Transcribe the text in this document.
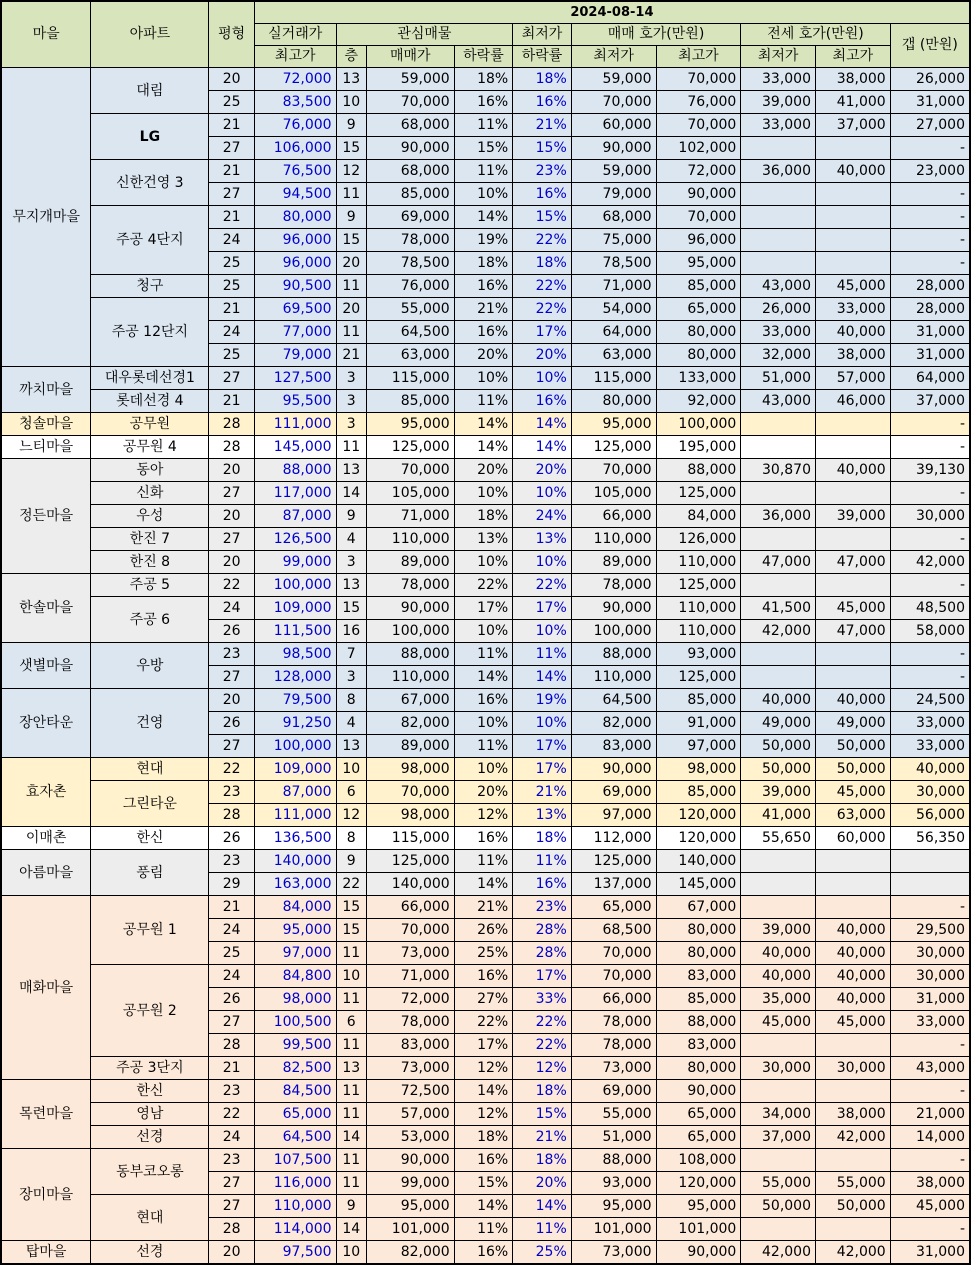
마을	아파트	평형	2024-08-14									
			실거래가	관심매물			최저가	매매 호가(만원)		전세 호가(만원)		갭 (만원)
			최고가	층	매매가	하락률	하락률	최저가	최고가	최저가	최고가	
무지개마을	대림	20	72,000	13	59,000	18%	18%	59,000	70,000	33,000	38,000	26,000
		25	83,500	10	70,000	16%	16%	70,000	76,000	39,000	41,000	31,000
	LG	21	76,000	9	68,000	11%	21%	60,000	70,000	33,000	37,000	27,000
		27	106,000	15	90,000	15%	15%	90,000	102,000			-
	신한건영 3	21	76,500	12	68,000	11%	23%	59,000	72,000	36,000	40,000	23,000
		27	94,500	11	85,000	10%	16%	79,000	90,000			-
	주공 4단지	21	80,000	9	69,000	14%	15%	68,000	70,000			-
		24	96,000	15	78,000	19%	22%	75,000	96,000			-
		25	96,000	20	78,500	18%	18%	78,500	95,000			-
	청구	25	90,500	11	76,000	16%	22%	71,000	85,000	43,000	45,000	28,000
	주공 12단지	21	69,500	20	55,000	21%	22%	54,000	65,000	26,000	33,000	28,000
		24	77,000	11	64,500	16%	17%	64,000	80,000	33,000	40,000	31,000
		25	79,000	21	63,000	20%	20%	63,000	80,000	32,000	38,000	31,000
까치마을	대우롯데선경1	27	127,500	3	115,000	10%	10%	115,000	133,000	51,000	57,000	64,000
	롯데선경 4	21	95,500	3	85,000	11%	16%	80,000	92,000	43,000	46,000	37,000
청솔마을	공무원	28	111,000	3	95,000	14%	14%	95,000	100,000			-
느티마을	공무원 4	28	145,000	11	125,000	14%	14%	125,000	195,000			-
정든마을	동아	20	88,000	13	70,000	20%	20%	70,000	88,000	30,870	40,000	39,130
	신화	27	117,000	14	105,000	10%	10%	105,000	125,000			-
	우성	20	87,000	9	71,000	18%	24%	66,000	84,000	36,000	39,000	30,000
	한진 7	27	126,500	4	110,000	13%	13%	110,000	126,000			-
	한진 8	20	99,000	3	89,000	10%	10%	89,000	110,000	47,000	47,000	42,000
한솔마을	주공 5	22	100,000	13	78,000	22%	22%	78,000	125,000			-
	주공 6	24	109,000	15	90,000	17%	17%	90,000	110,000	41,500	45,000	48,500
		26	111,500	16	100,000	10%	10%	100,000	110,000	42,000	47,000	58,000
샛별마을	우방	23	98,500	7	88,000	11%	11%	88,000	93,000			-
		27	128,000	3	110,000	14%	14%	110,000	125,000			-
장안타운	건영	20	79,500	8	67,000	16%	19%	64,500	85,000	40,000	40,000	24,500
		26	91,250	4	82,000	10%	10%	82,000	91,000	49,000	49,000	33,000
		27	100,000	13	89,000	11%	17%	83,000	97,000	50,000	50,000	33,000
효자촌	현대	22	109,000	10	98,000	10%	17%	90,000	98,000	50,000	50,000	40,000
	그린타운	23	87,000	6	70,000	20%	21%	69,000	85,000	39,000	45,000	30,000
		28	111,000	12	98,000	12%	13%	97,000	120,000	41,000	63,000	56,000
이매촌	한신	26	136,500	8	115,000	16%	18%	112,000	120,000	55,650	60,000	56,350
아름마을	풍림	23	140,000	9	125,000	11%	11%	125,000	140,000			
		29	163,000	22	140,000	14%	16%	137,000	145,000			
매화마을	공무원 1	21	84,000	15	66,000	21%	23%	65,000	67,000			-
		24	95,000	15	70,000	26%	28%	68,500	80,000	39,000	40,000	29,500
		25	97,000	11	73,000	25%	28%	70,000	80,000	40,000	40,000	30,000
	공무원 2	24	84,800	10	71,000	16%	17%	70,000	83,000	40,000	40,000	30,000
		26	98,000	11	72,000	27%	33%	66,000	85,000	35,000	40,000	31,000
		27	100,500	6	78,000	22%	22%	78,000	88,000	45,000	45,000	33,000
		28	99,500	11	83,000	17%	22%	78,000	83,000			-
	주공 3단지	21	82,500	13	73,000	12%	12%	73,000	80,000	30,000	30,000	43,000
목련마을	한신	23	84,500	11	72,500	14%	18%	69,000	90,000			-
	영남	22	65,000	11	57,000	12%	15%	55,000	65,000	34,000	38,000	21,000
	선경	24	64,500	14	53,000	18%	21%	51,000	65,000	37,000	42,000	14,000
장미마을	동부코오롱	23	107,500	11	90,000	16%	18%	88,000	108,000			-
		27	116,000	11	99,000	15%	20%	93,000	120,000	55,000	55,000	38,000
	현대	27	110,000	9	95,000	14%	14%	95,000	95,000	50,000	50,000	45,000
		28	114,000	14	101,000	11%	11%	101,000	101,000			-
탑마을	선경	20	97,500	10	82,000	16%	25%	73,000	90,000	42,000	42,000	31,000
